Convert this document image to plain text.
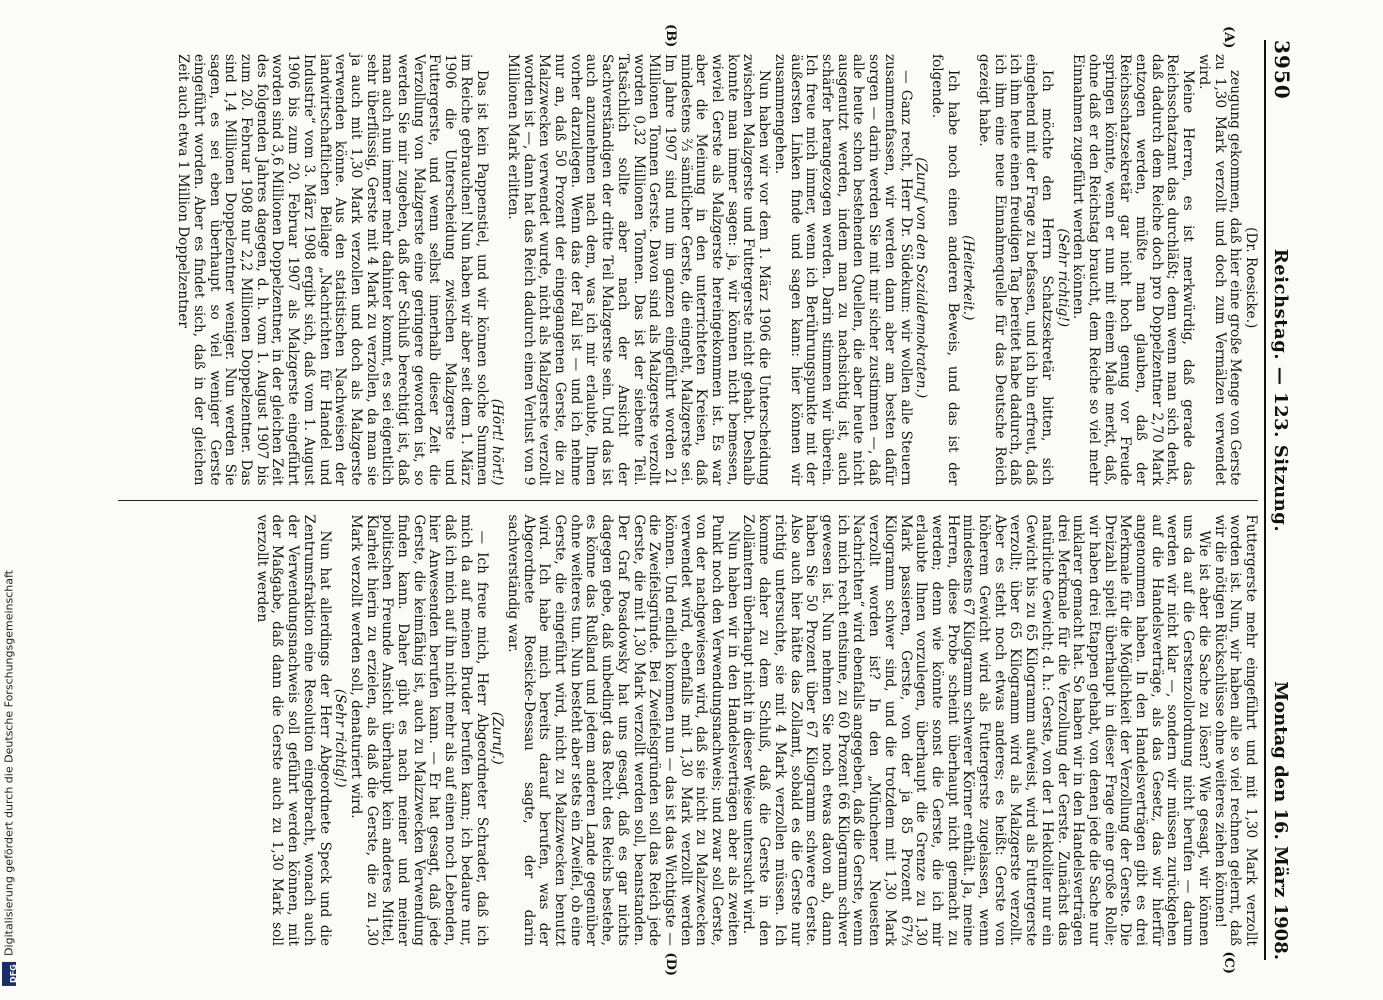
3950
Reichstag. — 123. Sitzung.
Montag den 16. März 1908.
(A)
(B)

(Dr. Roesicke.)

zeugung gekommen, daß hier eine große Menge von Gerste zu 1,30 Mark verzollt und doch zum Vermälzen verwendet wird.

Meine Herren, es ist merkwürdig, daß gerade das Reichsschatzamt das durchläßt; denn wenn man sich denkt, daß dadurch dem Reiche doch pro Doppelzentner 2,70 Mark entzogen werden, müßte man glauben, daß der Reichsschatzsekretär gar nicht hoch genug vor Freude springen könnte, wenn er nun mit einem Male merkt, daß, ohne daß er den Reichstag braucht, dem Reiche so viel mehr Einnahmen zugeführt werden können.

(Sehr richtig!)

Ich möchte den Herrn Schatzsekretär bitten, sich eingehend mit der Frage zu befassen, und ich bin erfreut, daß ich ihm heute einen freudigen Tag bereitet habe dadurch, daß ich ihm eine neue Einnahmequelle für das Deutsche Reich gezeigt habe.

(Heiterkeit.)

Ich habe noch einen anderen Beweis, und das ist der folgende.

(Zuruf von den Sozialdemokraten.)

— Ganz recht, Herr Dr. Südekum: wir wollen alle Steuern zusammenfassen, wir werden dann aber am besten dafür sorgen — darin werden Sie mit mir sicher zustimmen —, daß alle heute schon bestehenden Quellen, die aber heute nicht ausgenutzt werden, indem man zu nachsichtig ist, auch schärfer herangezogen werden. Darin stimmen wir überein. Ich freue mich immer, wenn ich Berührungspunkte mit der äußersten Linken finde und sagen kann: hier können wir zusammengehen.

Nun haben wir vor dem 1. März 1906 die Unterscheidung zwischen Malzgerste und Futtergerste nicht gehabt. Deshalb konnte man immer sagen: ja, wir können nicht bemessen, wieviel Gerste als Malzgerste hereingekommen ist. Es war aber die Meinung in den unterrichteten Kreisen, daß mindestens ⅔ sämtlicher Gerste, die eingeht, Malzgerste sei. Im Jahre 1907 sind nun im ganzen eingeführt worden 21 Millionen Tonnen Gerste. Davon sind als Malzgerste verzollt worden 0,32 Millionen Tonnen. Das ist der siebente Teil. Tatsächlich sollte aber nach der Ansicht der Sachverständigen der dritte Teil Malzgerste sein. Und das ist auch anzunehmen nach dem, was ich mir erlaubte, Ihnen vorher darzulegen. Wenn das der Fall ist — und ich nehme nur an, daß 50 Prozent der eingegangenen Gerste, die zu Malzzwecken verwendet wurde, nicht als Malzgerste verzollt worden ist —, dann hat das Reich dadurch einen Verlust von 9 Millionen Mark erlitten.

(Hört! hört!)

Das ist kein Pappenstiel, und wir können solche Summen im Reiche gebrauchen! Nun haben wir aber seit dem 1. März 1906 die Unterscheidung zwischen Malzgerste und Futtergerste, und wenn selbst innerhalb dieser Zeit die Verzollung von Malzgerste eine geringere geworden ist, so werden Sie mir zugeben, daß der Schluß berechtigt ist, daß man auch nun immer mehr dahinter kommt, es sei eigentlich sehr überflüssig, Gerste mit 4 Mark zu verzollen, da man sie ja auch mit 1,30 Mark verzollen und doch als Malzgerste verwenden könne. Aus den statistischen Nachweisen der landwirtschaftlichen Beilage „Nachrichten für Handel und Industrie“ vom 3. März 1908 ergibt sich, daß vom 1. August 1906 bis zum 20. Februar 1907 als Malzgerste eingeführt worden sind 3,6 Millionen Doppelzentner, in der gleichen Zeit des folgenden Jahres dagegen, d. h. vom 1. August 1907 bis zum 20. Februar 1908 nur 2,2 Millionen Doppelzentner. Das sind 1,4 Millionen Doppelzentner weniger. Nun werden Sie sagen, es sei eben überhaupt so viel weniger Gerste eingeführt worden. Aber es findet sich, daß in der gleichen Zeit auch etwa 1 Million Doppelzentner

(C)
(D)

Futtergerste mehr eingeführt und mit 1,30 Mark verzollt worden ist. Nun, wir haben alle so viel rechnen gelernt, daß wir die nötigen Rückschlüsse ohne weiteres ziehen können!

Wie ist aber die Sache zu lösen? Wie gesagt, wir können uns da auf die Gerstenzollordnung nicht berufen — darum werden wir nicht klar —, sondern wir müssen zurückgehen auf die Handelsverträge, als das Gesetz, das wir hierfür angenommen haben. In den Handelsverträgen gibt es drei Merkmale für die Möglichkeit der Verzollung der Gerste. Die Dreizahl spielt überhaupt in dieser Frage eine große Rolle; wir haben drei Etappen gehabt, von denen jede die Sache nur unklarer gemacht hat. So haben wir in den Handelsverträgen drei Merkmale für die Verzollung der Gerste. Zunächst das natürliche Gewicht; d. h.: Gerste, von der 1 Hektoliter nur ein Gewicht bis zu 65 Kilogramm aufweist, wird als Futtergerste verzollt; über 65 Kilogramm wird als Malzgerste verzollt. Aber es steht noch etwas anderes; es heißt: Gerste von höherem Gewicht wird als Futtergerste zugelassen, wenn mindestens 67 Kilogramm schwerer Körner enthält. Ja, meine Herren, diese Probe scheint überhaupt nicht gemacht zu werden; denn wie könnte sonst die Gerste, die ich mir erlaubte Ihnen vorzulegen, überhaupt die Grenze zu 1,30 Mark passieren, Gerste, von der ja 85 Prozent 67⅓ Kilogramm schwer sind, und die trotzdem mit 1,30 Mark verzollt worden ist? In den „Münchener Neuesten Nachrichten“ wird ebenfalls angegeben, daß die Gerste, wenn ich mich recht entsinne, zu 60 Prozent 66 Kilogramm schwer gewesen ist. Nun nehmen Sie noch etwas davon ab, dann haben Sie 50 Prozent über 67 Kilogramm schwere Gerste. Also auch hier hätte das Zollamt, sobald es die Gerste nur richtig untersuchte, sie mit 4 Mark verzollen müssen. Ich komme daher zu dem Schluß, daß die Gerste in den Zollämtern überhaupt nicht in dieser Weise untersucht wird.

Nun haben wir in den Handelsverträgen aber als zweiten Punkt noch den Verwendungsnachweis; und zwar soll Gerste, von der nachgewiesen wird, daß sie nicht zu Malzzwecken verwendet wird, ebenfalls mit 1,30 Mark verzollt werden können. Und endlich kommen nun — das ist das Wichtigste — die Zweifelsgründe. Bei Zweifelsgründen soll das Reich jede Gerste, die mit 1,30 Mark verzollt werden soll, beanstanden. Der Graf Posadowsky hat uns gesagt, daß es gar nichts dagegen gebe, daß unbedingt das Recht des Reichs bestehe, es könne das Rußland und jedem anderen Lande gegenüber ohne weiteres tun. Nun besteht aber stets ein Zweifel, ob eine Gerste, die eingeführt wird, nicht zu Malzzwecken benutzt wird. Ich habe mich bereits darauf berufen, was der Abgeordnete Roesicke-Dessau sagte, der darin sachverständig war.

(Zuruf.)

— Ich freue mich, Herr Abgeordneter Schrader, daß ich mich da auf meinen Bruder berufen kann; ich bedaure nur, daß ich mich auf ihn nicht mehr als auf einen noch Lebenden, hier Anwesenden berufen kann. — Er hat gesagt, daß jede Gerste, die keimfähig ist, auch zu Malzzwecken Verwendung finden kann. Daher gibt es nach meiner und meiner politischen Freunde Ansicht überhaupt kein anderes Mittel, Klarheit hierin zu erzielen, als daß die Gerste, die zu 1,30 Mark verzollt werden soll, denaturiert wird.

(Sehr richtig!)

Nun hat allerdings der Herr Abgeordnete Speck und die Zentrumsfraktion eine Resolution eingebracht, wonach auch der Verwendungsnachweis soll geführt werden können, mit der Maßgabe, daß dann die Gerste auch zu 1,30 Mark soll verzollt werden

DFG
Digitalisierung gefördert durch die Deutsche Forschungsgemeinschaft
